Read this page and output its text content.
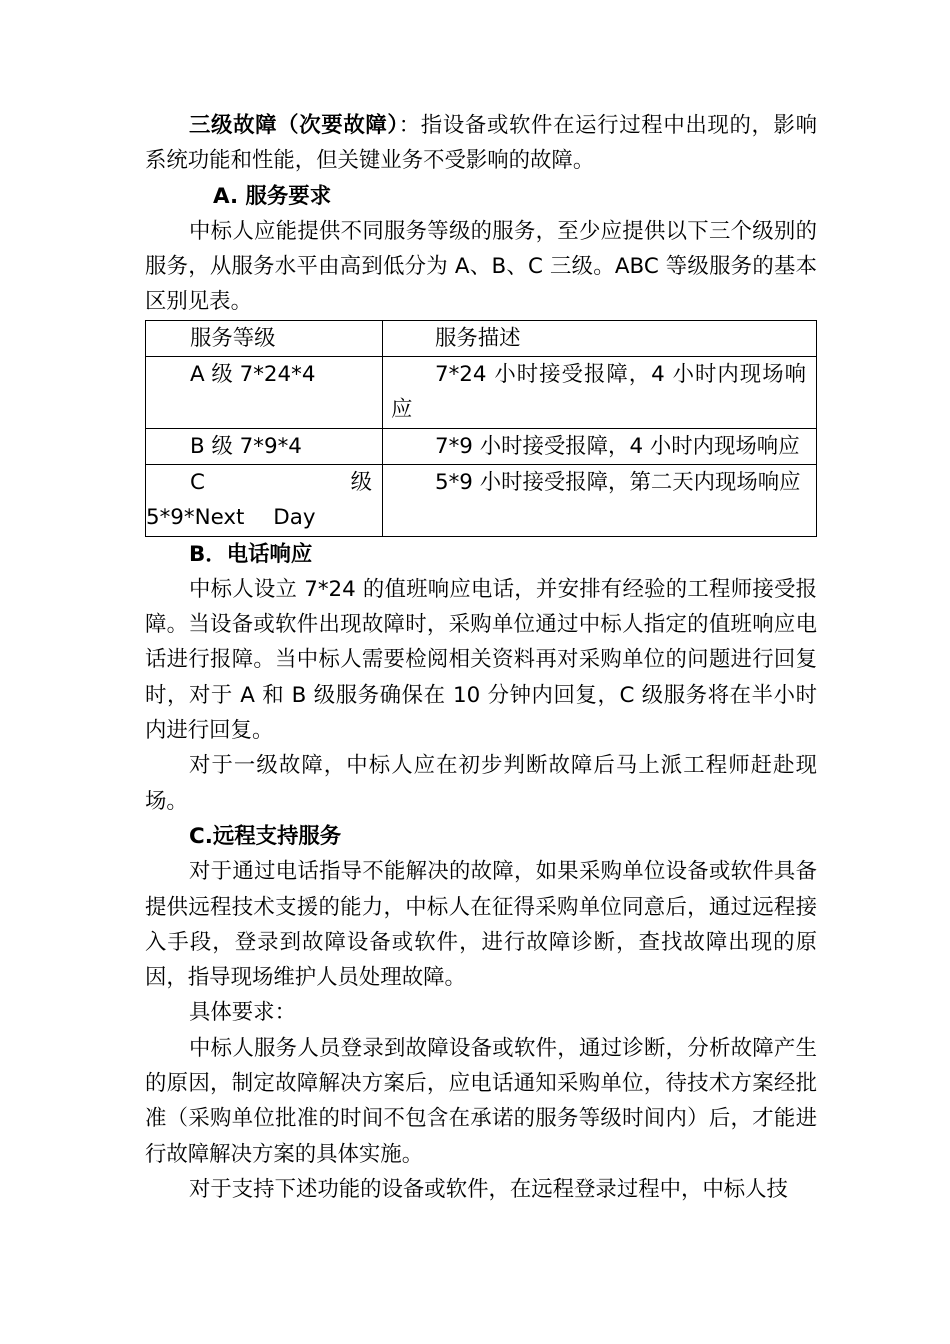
三级故障（次要故障）：指设备或软件在运行过程中出现的，影响系统功能和性能，但关键业务不受影响的故障。

A. 服务要求

中标人应能提供不同服务等级的服务，至少应提供以下三个级别的服务，从服务水平由高到低分为 A、B、C 三级。ABC 等级服务的基本区别见表。

服务等级	服务描述
A 级 7*24*4	7*24 小时接受报障，4 小时内现场响应
B 级 7*9*4	7*9 小时接受报障，4 小时内现场响应
C 级 5*9*Next Day	5*9 小时接受报障，第二天内现场响应

B．电话响应

中标人设立 7*24 的值班响应电话，并安排有经验的工程师接受报障。当设备或软件出现故障时，采购单位通过中标人指定的值班响应电话进行报障。当中标人需要检阅相关资料再对采购单位的问题进行回复时，对于 A 和 B 级服务确保在 10 分钟内回复，C 级服务将在半小时内进行回复。

对于一级故障，中标人应在初步判断故障后马上派工程师赶赴现场。

C.远程支持服务

对于通过电话指导不能解决的故障，如果采购单位设备或软件具备提供远程技术支援的能力，中标人在征得采购单位同意后，通过远程接入手段，登录到故障设备或软件，进行故障诊断，查找故障出现的原因，指导现场维护人员处理故障。

具体要求：

中标人服务人员登录到故障设备或软件，通过诊断，分析故障产生的原因，制定故障解决方案后，应电话通知采购单位，待技术方案经批准（采购单位批准的时间不包含在承诺的服务等级时间内）后，才能进行故障解决方案的具体实施。

对于支持下述功能的设备或软件，在远程登录过程中，中标人技
